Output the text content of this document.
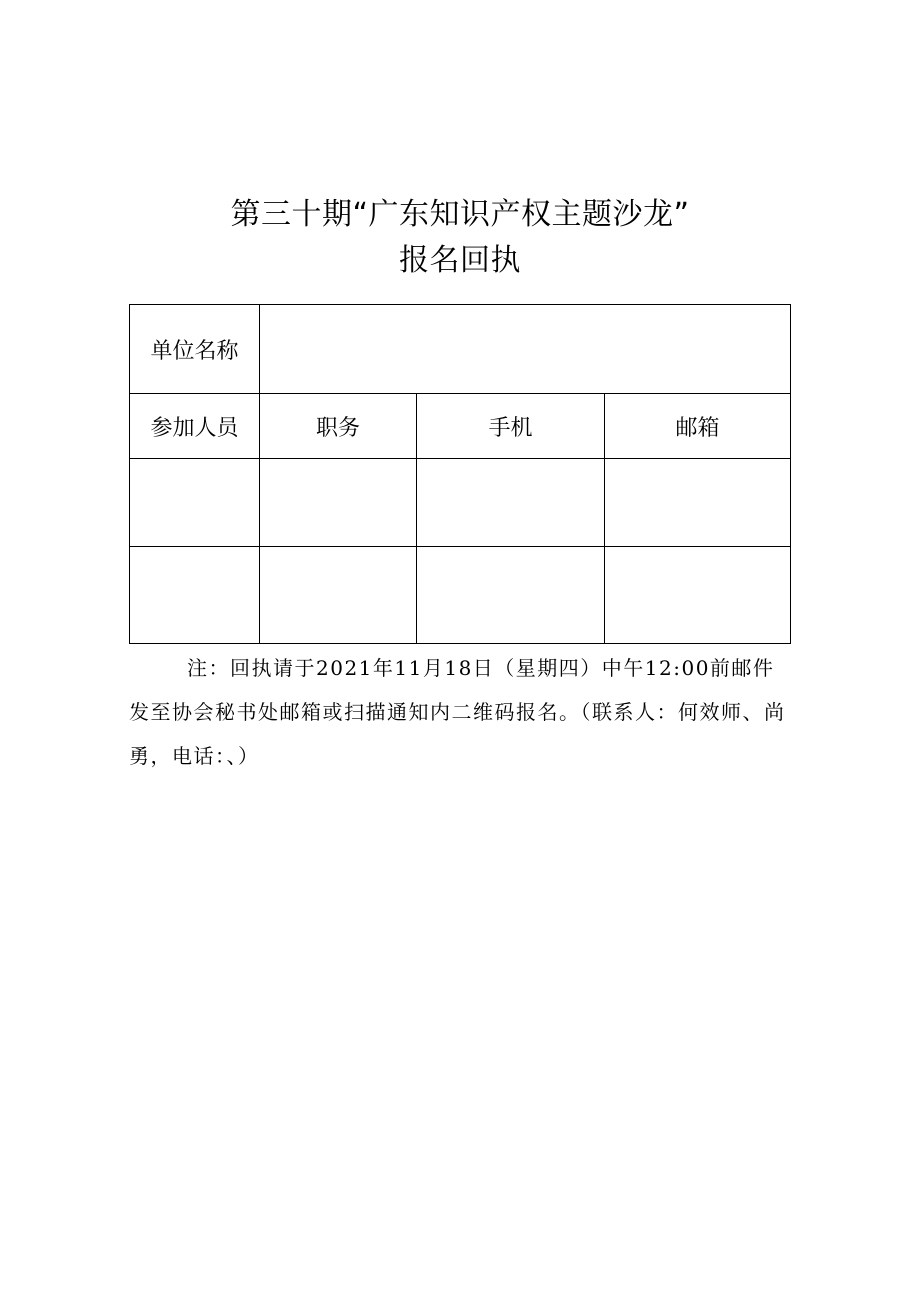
第三十期“广东知识产权主题沙龙”
报名回执
单位名称			
参加人员	职务	手机	邮箱

注：回执请于2021年11月18日（星期四）中午12:00前邮件发至协会秘书处邮箱或扫描通知内二维码报名。（联系人：何效师、尚勇，电话：、）
